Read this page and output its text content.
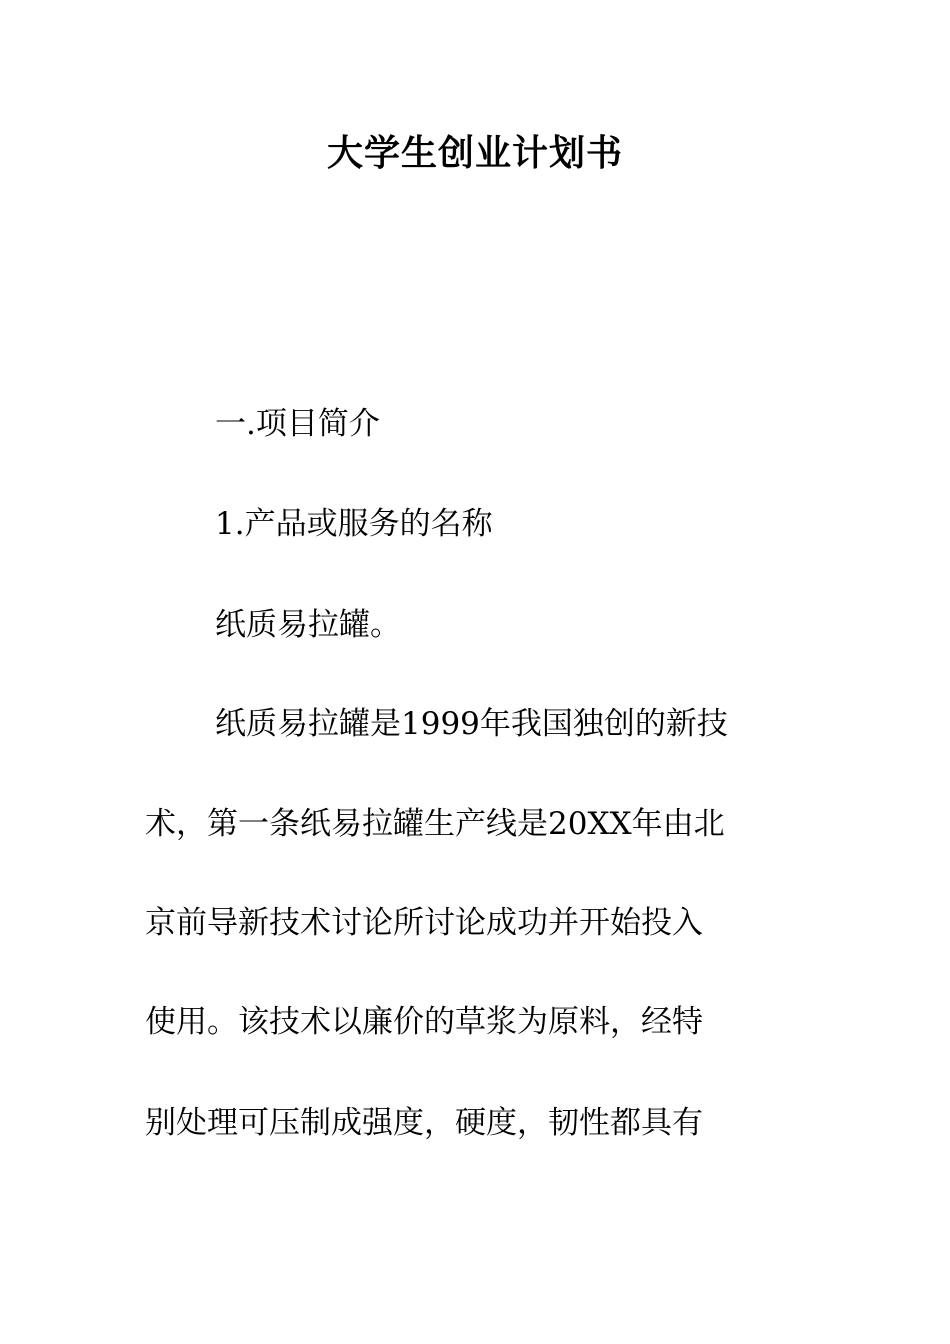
大学生创业计划书
一.项目简介
1.产品或服务的名称
纸质易拉罐。
纸质易拉罐是1999年我国独创的新技
术，第一条纸易拉罐生产线是20XX年由北
京前导新技术讨论所讨论成功并开始投入
使用。该技术以廉价的草浆为原料，经特
别处理可压制成强度，硬度，韧性都具有
